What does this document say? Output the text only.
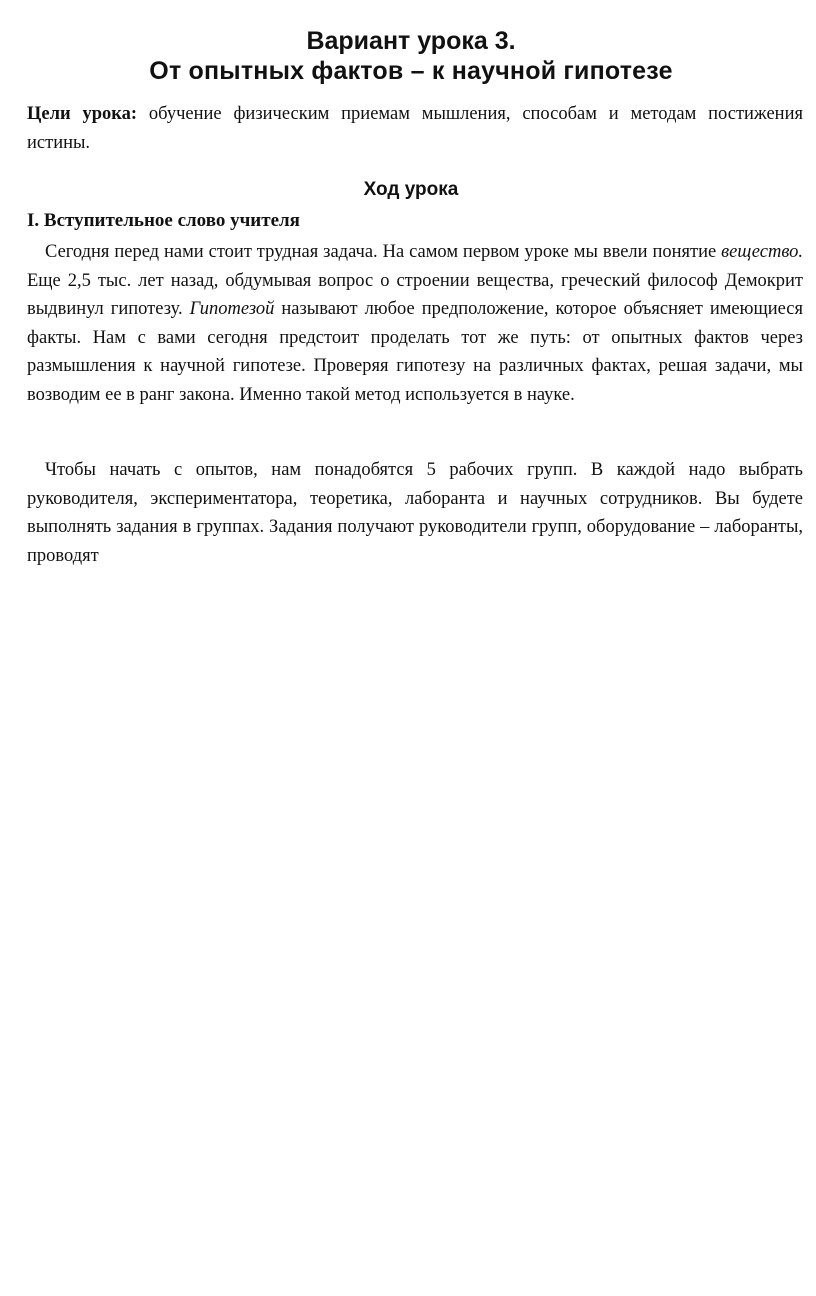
Вариант урока 3.
От опытных фактов – к научной гипотезе

Цели урока: обучение физическим приемам мышления, способам и методам постижения истины.

Ход урока
I. Вступительное слово учителя

Сегодня перед нами стоит трудная задача. На самом первом уроке мы ввели понятие вещество. Еще 2,5 тыс. лет назад, обдумывая вопрос о строении вещества, греческий философ Демокрит выдвинул гипотезу. Гипотезой называют любое предположение, которое объясняет имеющиеся факты. Нам с вами сегодня предстоит проделать тот же путь: от опытных фактов через размышления к научной гипотезе. Проверяя гипотезу на различных фактах, решая задачи, мы возводим ее в ранг закона. Именно такой метод используется в науке.

Чтобы начать с опытов, нам понадобятся 5 рабочих групп. В каждой надо выбрать руководителя, экспериментатора, теоретика, лаборанта и научных сотрудников. Вы будете выполнять задания в группах. Задания получают руководители групп, оборудование – лаборанты, проводят
